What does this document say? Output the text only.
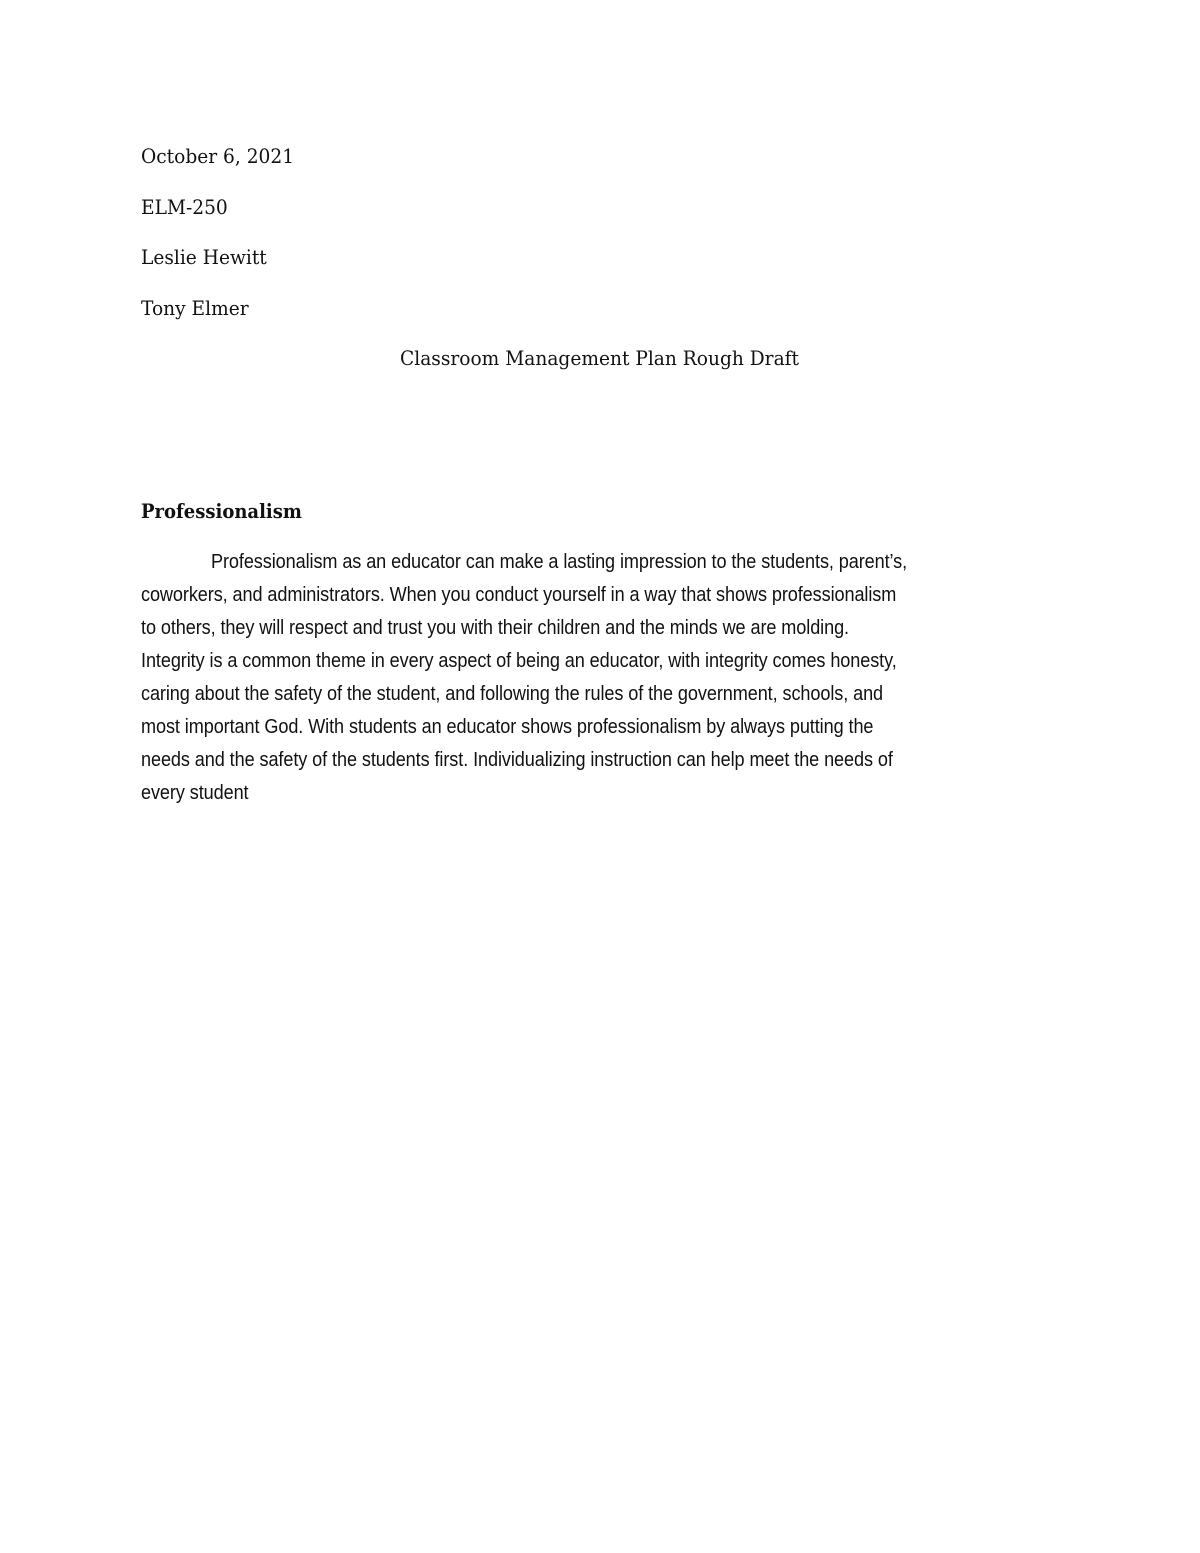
October 6, 2021
ELM-250
Leslie Hewitt
Tony Elmer
Classroom Management Plan Rough Draft
Professionalism
Professionalism as an educator can make a lasting impression to the students, parent’s,
coworkers, and administrators. When you conduct yourself in a way that shows professionalism
to others, they will respect and trust you with their children and the minds we are molding.
Integrity is a common theme in every aspect of being an educator, with integrity comes honesty,
caring about the safety of the student, and following the rules of the government, schools, and
most important God. With students an educator shows professionalism by always putting the
needs and the safety of the students first. Individualizing instruction can help meet the needs of
every student
